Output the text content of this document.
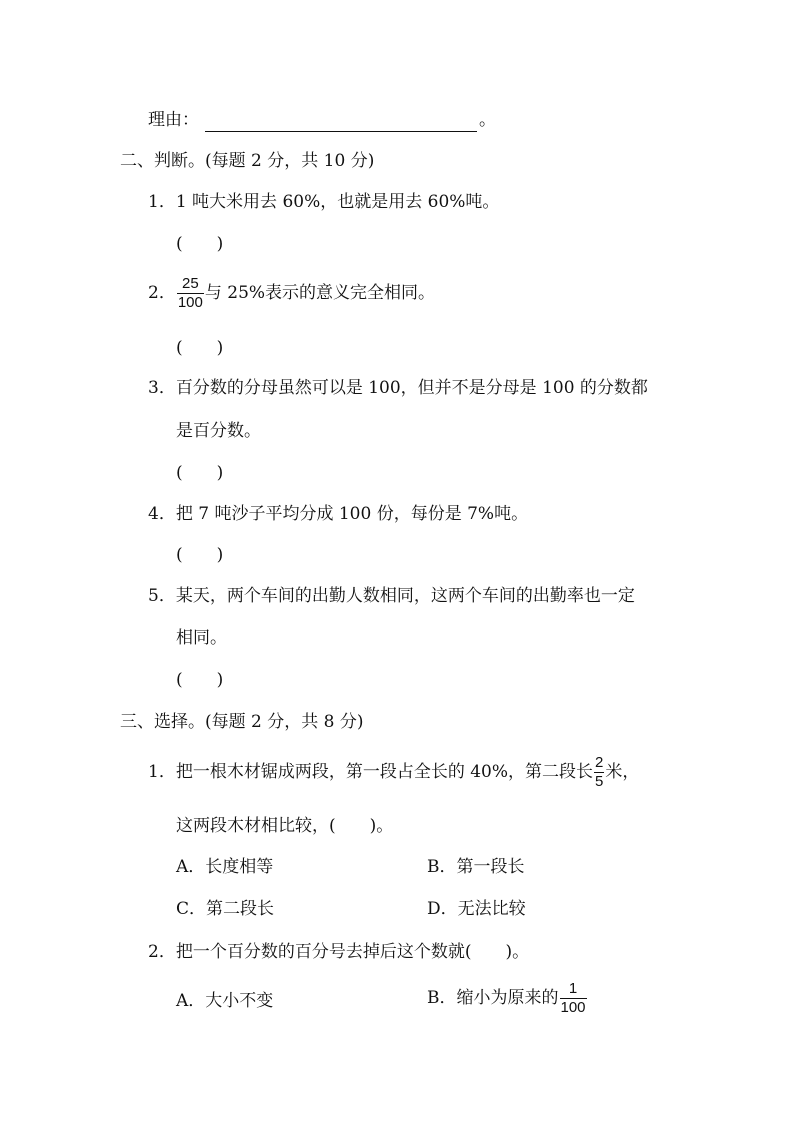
理由：	。
二、判断。(每题 2 分，共 10 分)
1．1 吨大米用去 60%，也就是用去 60%吨。
(　　)
2． $\frac{25}{100}$ 与 25%表示的意义完全相同。
(　　)
3．百分数的分母虽然可以是 100，但并不是分母是 100 的分数都
是百分数。
(　　)
4．把 7 吨沙子平均分成 100 份，每份是 7%吨。
(　　)
5．某天，两个车间的出勤人数相同，这两个车间的出勤率也一定
相同。
(　　)
三、选择。(每题 2 分，共 8 分)
1．把一根木材锯成两段，第一段占全长的 40%，第二段长 $\frac{2}{5}$ 米，
这两段木材相比较，(　　)。
A．长度相等	B．第一段长
C．第二段长	D．无法比较
2．把一个百分数的百分号去掉后这个数就(　　)。
A．大小不变	B．缩小为原来的 $\frac{1}{100}$
